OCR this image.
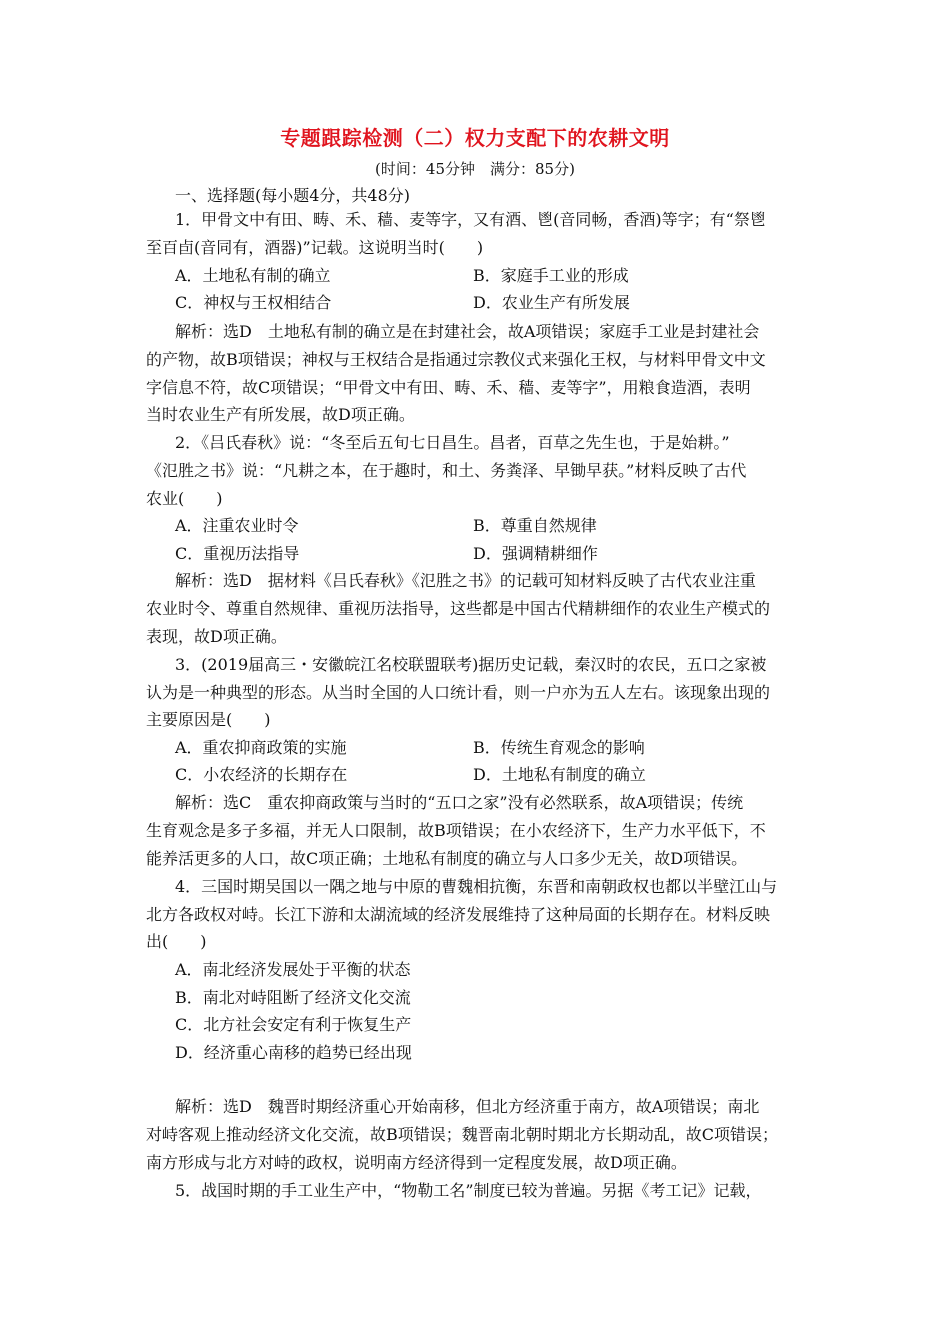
专题跟踪检测（二）权力支配下的农耕文明
(时间：45分钟　满分：85分)
一、选择题(每小题4分，共48分)
1．甲骨文中有田、畴、禾、穑、麦等字，又有酒、鬯(音同畅，香酒)等字；有“祭鬯
至百卣(音同有，酒器)”记载。这说明当时(　　)
A．土地私有制的确立	B．家庭手工业的形成
C．神权与王权相结合	D．农业生产有所发展
解析：选D　土地私有制的确立是在封建社会，故A项错误；家庭手工业是封建社会
的产物，故B项错误；神权与王权结合是指通过宗教仪式来强化王权，与材料甲骨文中文
字信息不符，故C项错误；“甲骨文中有田、畴、禾、穑、麦等字”，用粮食造酒，表明
当时农业生产有所发展，故D项正确。
2．《吕氏春秋》说：“冬至后五旬七日昌生。昌者，百草之先生也，于是始耕。”
《氾胜之书》说：“凡耕之本，在于趣时，和土、务粪泽、早锄早获。”材料反映了古代
农业(　　)
A．注重农业时令	B．尊重自然规律
C．重视历法指导	D．强调精耕细作
解析：选D　据材料《吕氏春秋》《氾胜之书》的记载可知材料反映了古代农业注重
农业时令、尊重自然规律、重视历法指导，这些都是中国古代精耕细作的农业生产模式的
表现，故D项正确。
3．(2019届高三・安徽皖江名校联盟联考)据历史记载，秦汉时的农民，五口之家被
认为是一种典型的形态。从当时全国的人口统计看，则一户亦为五人左右。该现象出现的
主要原因是(　　)
A．重农抑商政策的实施	B．传统生育观念的影响
C．小农经济的长期存在	D．土地私有制度的确立
解析：选C　重农抑商政策与当时的“五口之家”没有必然联系，故A项错误；传统
生育观念是多子多福，并无人口限制，故B项错误；在小农经济下，生产力水平低下，不
能养活更多的人口，故C项正确；土地私有制度的确立与人口多少无关，故D项错误。
4．三国时期吴国以一隅之地与中原的曹魏相抗衡，东晋和南朝政权也都以半壁江山与
北方各政权对峙。长江下游和太湖流域的经济发展维持了这种局面的长期存在。材料反映
出(　　)
A．南北经济发展处于平衡的状态
B．南北对峙阻断了经济文化交流
C．北方社会安定有利于恢复生产
D．经济重心南移的趋势已经出现
解析：选D　魏晋时期经济重心开始南移，但北方经济重于南方，故A项错误；南北
对峙客观上推动经济文化交流，故B项错误；魏晋南北朝时期北方长期动乱，故C项错误；
南方形成与北方对峙的政权，说明南方经济得到一定程度发展，故D项正确。
5．战国时期的手工业生产中，“物勒工名”制度已较为普遍。另据《考工记》记载，
